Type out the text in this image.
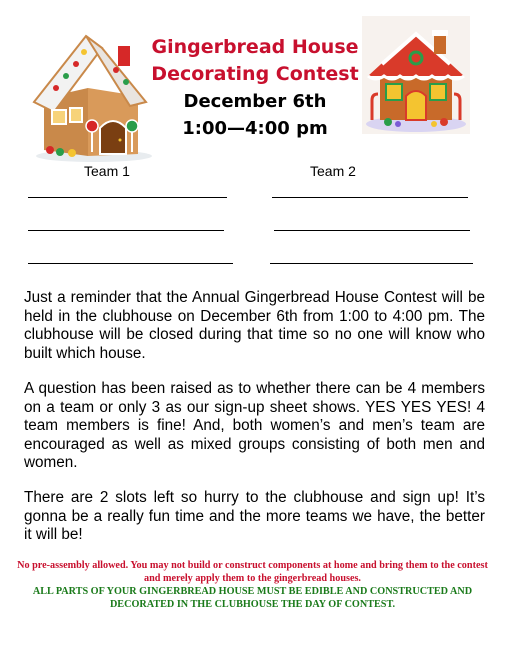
Gingerbread House
Decorating Contest
December 6th
1:00—4:00 pm
Team 1	Team 2
Just a reminder that the Annual Gingerbread House Contest will be held in the clubhouse on December 6th from 1:00 to 4:00 pm. The clubhouse will be closed during that time so no one will know who built which house.
A question has been raised as to whether there can be 4 members on a team or only 3 as our sign-up sheet shows. YES YES YES! 4 team members is fine! And, both women’s and men’s team are encouraged as well as mixed groups consisting of both men and women.
There are 2 slots left so hurry to the clubhouse and sign up! It’s gonna be a really fun time and the more teams we have, the better it will be!
No pre-assembly allowed. You may not build or construct components at home and bring them to the contest and merely apply them to the gingerbread houses.
ALL PARTS OF YOUR GINGERBREAD HOUSE MUST BE EDIBLE AND CONSTRUCTED AND DECORATED IN THE CLUBHOUSE THE DAY OF CONTEST.
